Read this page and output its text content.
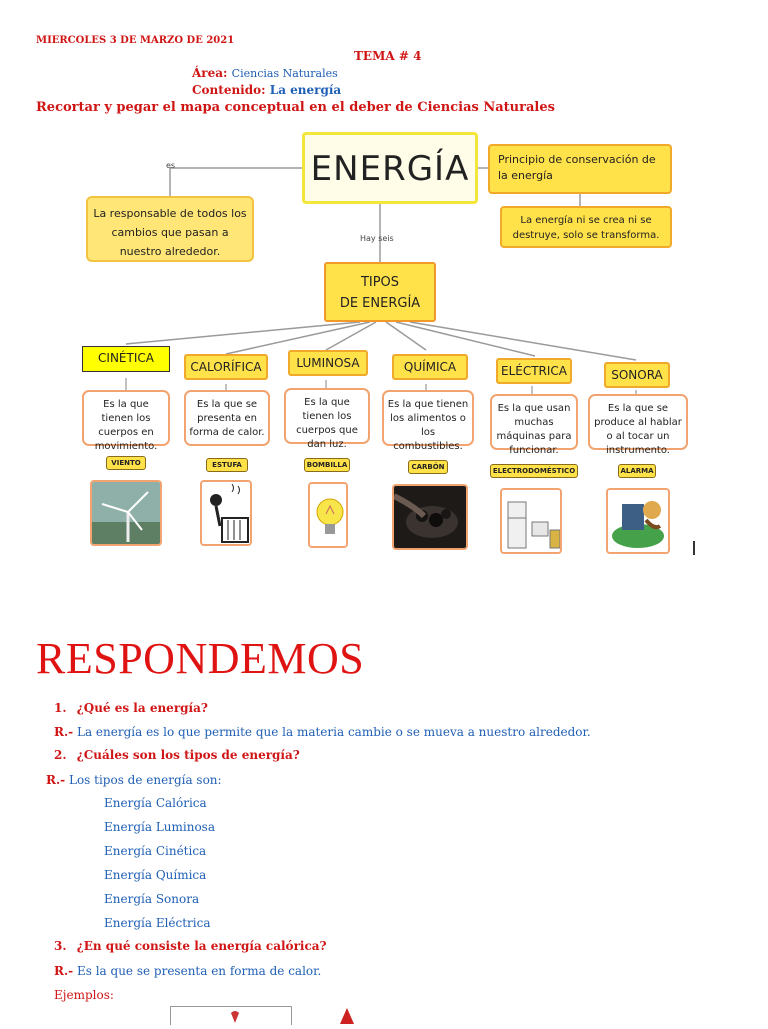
MIERCOLES 3 DE MARZO DE 2021
TEMA # 4
Área: Ciencias Naturales
Contenido: La energía
Recortar y pegar el mapa conceptual en el deber de Ciencias Naturales
ENERGÍA
es
La responsable de todos los cambios que pasan a nuestro alrededor.
Principio de conservación de la energía
La energía ni se crea ni se destruye, solo se transforma.
Hay seis
TIPOS
DE ENERGÍA
CINÉTICA
CALORÍFICA	LUMINOSA	QUÍMICA	ELÉCTRICA	SONORA
Es la que tienen los cuerpos en movimiento.
Es la que se presenta en forma de calor.
Es la que tienen los cuerpos que dan luz.
Es la que tienen los alimentos o los combustibles.
Es la que usan muchas máquinas para funcionar.
Es la que se produce al hablar o al tocar un instrumento.
VIENTO	ESTUFA	BOMBILLA	CARBÓN	ELECTRODOMÉSTICO	ALARMA
RESPONDEMOS
1. ¿Qué es la energía?
R.- La energía es lo que permite que la materia cambie o se mueva a nuestro alrededor.
2. ¿Cuáles son los tipos de energía?
R.- Los tipos de energía son:
Energía Calórica
Energía Luminosa
Energía Cinética
Energía Química
Energía Sonora
Energía Eléctrica
3. ¿En qué consiste la energía calórica?
R.- Es la que se presenta en forma de calor.
Ejemplos:
